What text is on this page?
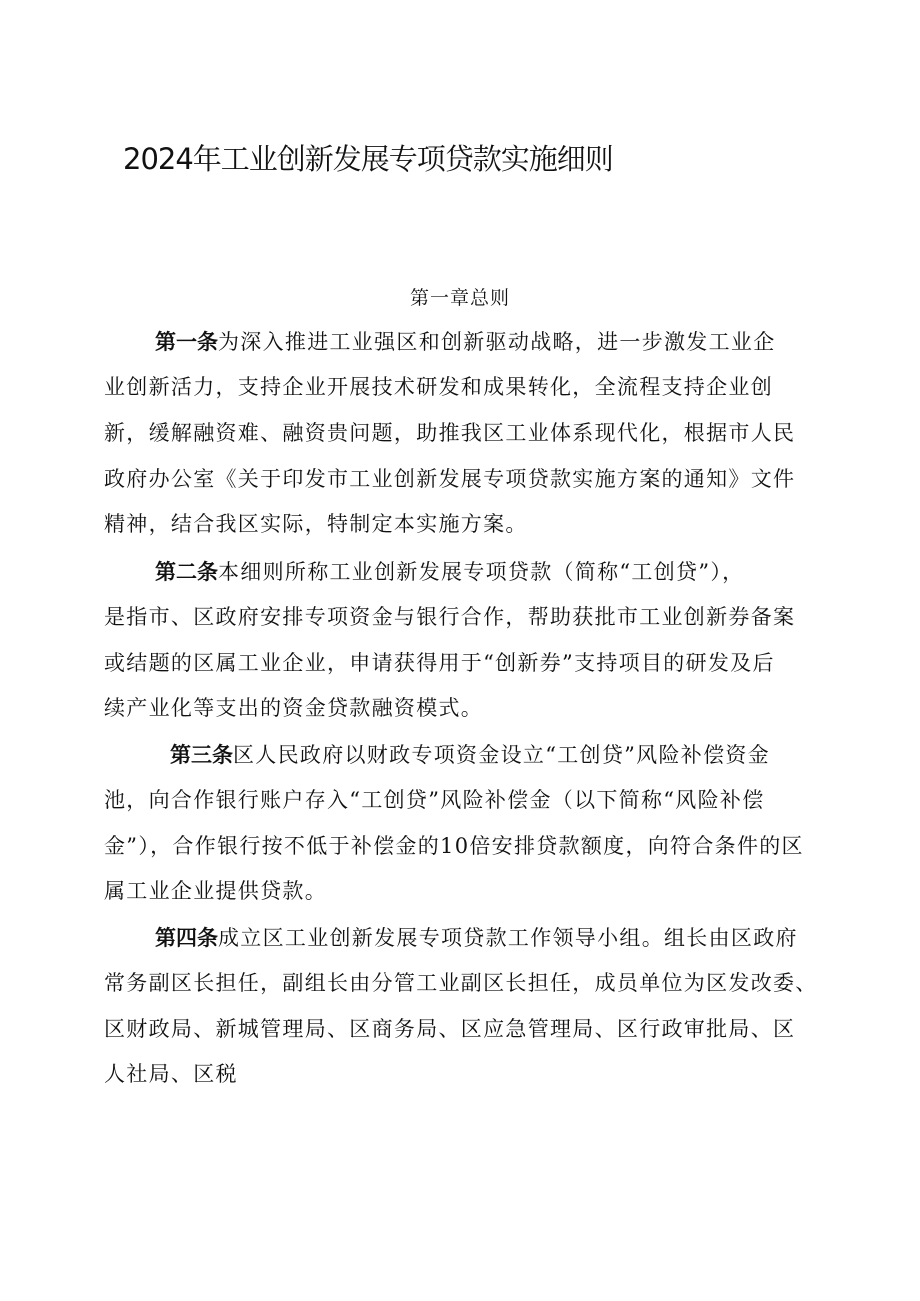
2024年工业创新发展专项贷款实施细则
第一章总则

第一条为深入推进工业强区和创新驱动战略，进一步激发工业企

业创新活力，支持企业开展技术研发和成果转化，全流程支持企业创

新，缓解融资难、融资贵问题，助推我区工业体系现代化，根据市人民

政府办公室《关于印发市工业创新发展专项贷款实施方案的通知》文件

精神，结合我区实际，特制定本实施方案。

第二条本细则所称工业创新发展专项贷款（简称“工创贷”），

是指市、区政府安排专项资金与银行合作，帮助获批市工业创新券备案

或结题的区属工业企业，申请获得用于“创新券”支持项目的研发及后

续产业化等支出的资金贷款融资模式。

第三条区人民政府以财政专项资金设立“工创贷”风险补偿资金

池，向合作银行账户存入“工创贷”风险补偿金（以下简称“风险补偿

金”），合作银行按不低于补偿金的10倍安排贷款额度，向符合条件的区

属工业企业提供贷款。

第四条成立区工业创新发展专项贷款工作领导小组。组长由区政府

常务副区长担任，副组长由分管工业副区长担任，成员单位为区发改委、

区财政局、新城管理局、区商务局、区应急管理局、区行政审批局、区

人社局、区税
